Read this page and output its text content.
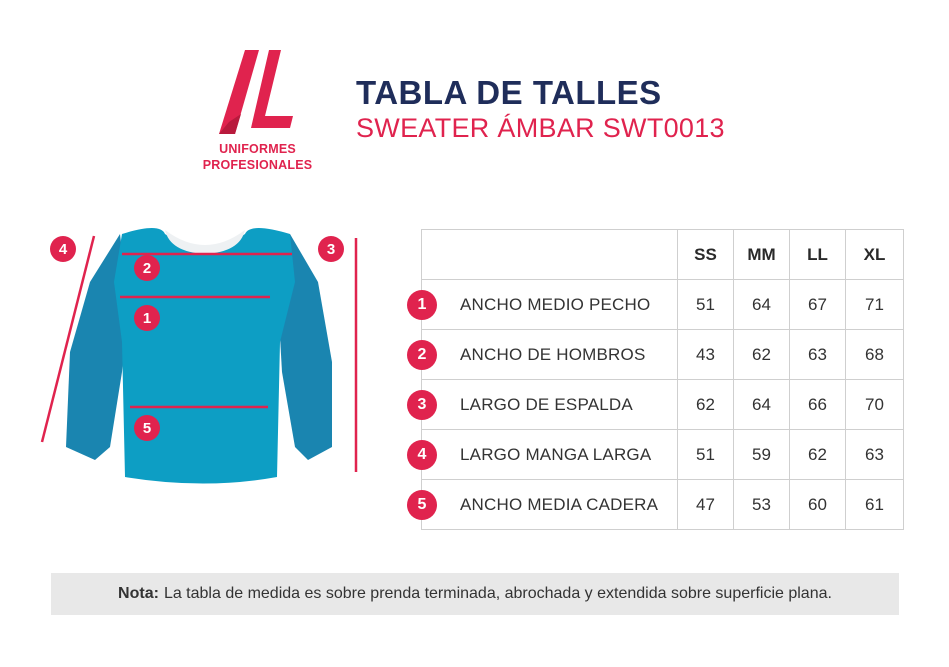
UNIFORMES
PROFESIONALES
TABLA DE TALLES
SWEATER ÁMBAR SWT0013
4
2
1
5
3
		SS	MM	LL	XL

1 ANCHO MEDIO PECHO	51	64	67	71

2 ANCHO DE HOMBROS	43	62	63	68

3 LARGO DE ESPALDA	62	64	66	70

4 LARGO MANGA LARGA	51	59	62	63

5 ANCHO MEDIA CADERA	47	53	60	61
Nota: La tabla de medida es sobre prenda terminada, abrochada y extendida sobre superficie plana.
